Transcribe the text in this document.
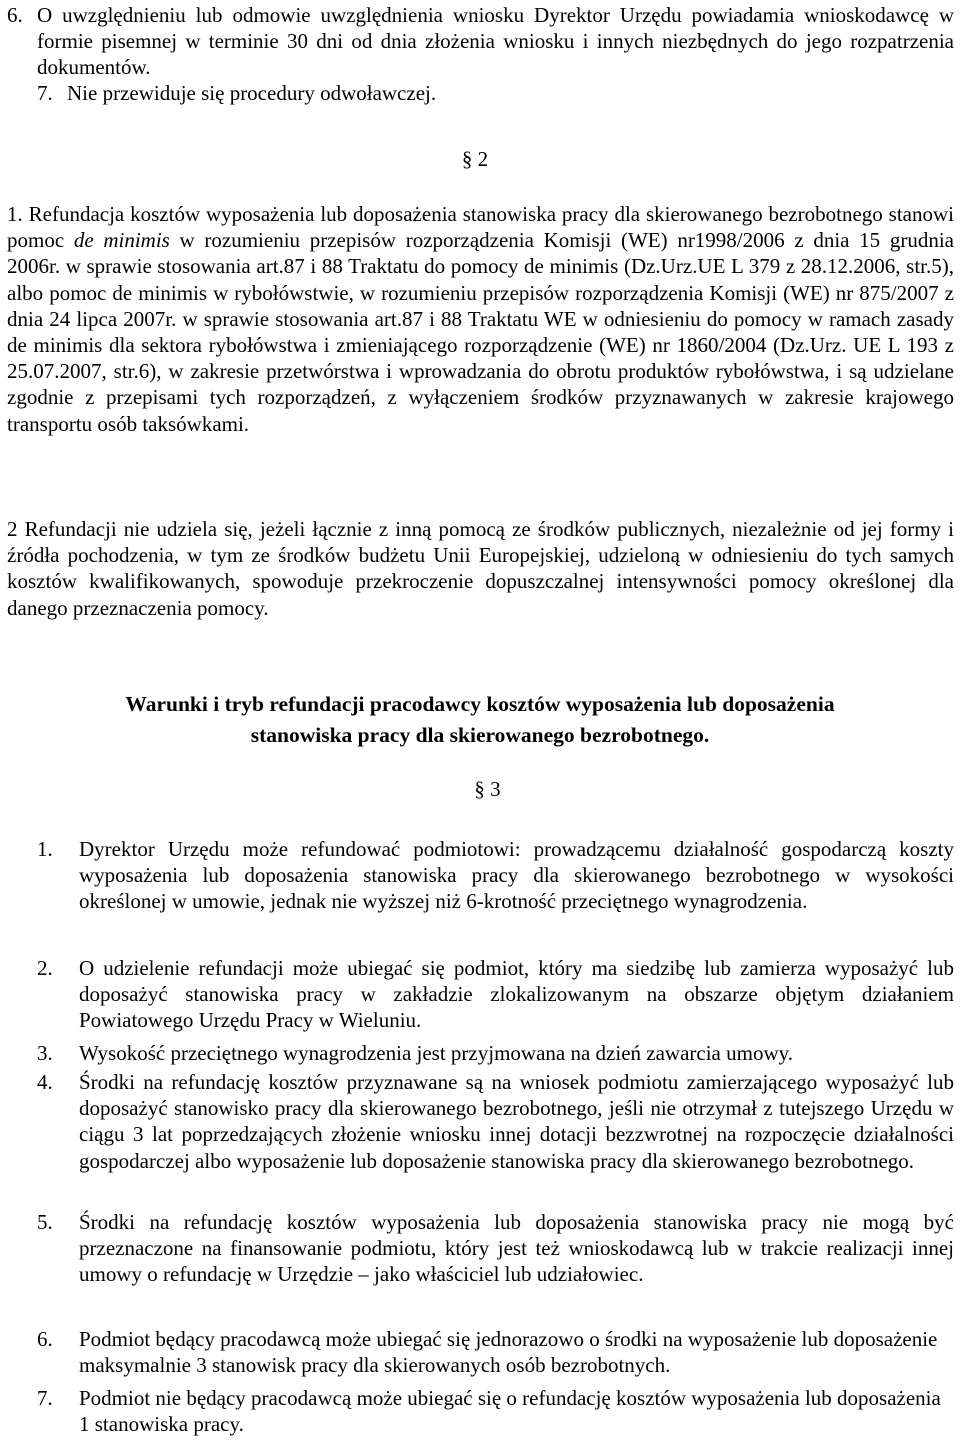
6. O uwzględnieniu lub odmowie uwzględnienia wniosku Dyrektor Urzędu powiadamia wnioskodawcę w formie pisemnej w terminie 30 dni od dnia złożenia wniosku i innych niezbędnych do jego rozpatrzenia dokumentów.

7. Nie przewiduje się procedury odwoławczej.

§ 2

1. Refundacja kosztów wyposażenia lub doposażenia stanowiska pracy dla skierowanego bezrobotnego stanowi pomoc de minimis w rozumieniu przepisów rozporządzenia Komisji (WE) nr1998/2006 z dnia 15 grudnia 2006r. w sprawie stosowania art.87 i 88 Traktatu do pomocy de minimis (Dz.Urz.UE L 379 z 28.12.2006, str.5), albo pomoc de minimis w rybołówstwie, w rozumieniu przepisów rozporządzenia Komisji (WE) nr 875/2007 z dnia 24 lipca 2007r. w sprawie stosowania art.87 i 88 Traktatu WE w odniesieniu do pomocy w ramach zasady de minimis dla sektora rybołówstwa i zmieniającego rozporządzenie (WE) nr 1860/2004 (Dz.Urz. UE L 193 z 25.07.2007, str.6), w zakresie przetwórstwa i wprowadzania do obrotu produktów rybołówstwa, i są udzielane zgodnie z przepisami tych rozporządzeń, z wyłączeniem środków przyznawanych w zakresie krajowego transportu osób taksówkami.

2 Refundacji nie udziela się, jeżeli łącznie z inną pomocą ze środków publicznych, niezależnie od jej formy i źródła pochodzenia, w tym ze środków budżetu Unii Europejskiej, udzieloną w odniesieniu do tych samych kosztów kwalifikowanych, spowoduje przekroczenie dopuszczalnej intensywności pomocy określonej dla danego przeznaczenia pomocy.

Warunki i tryb refundacji pracodawcy kosztów wyposażenia lub doposażenia
stanowiska pracy dla skierowanego bezrobotnego.
§ 3
1. Dyrektor Urzędu może refundować podmiotowi: prowadzącemu działalność gospodarczą koszty wyposażenia lub doposażenia stanowiska pracy dla skierowanego bezrobotnego w wysokości określonej w umowie, jednak nie wyższej niż 6-krotność przeciętnego wynagrodzenia.

2. O udzielenie refundacji może ubiegać się podmiot, który ma siedzibę lub zamierza wyposażyć lub doposażyć stanowiska pracy w zakładzie zlokalizowanym na obszarze objętym działaniem Powiatowego Urzędu Pracy w Wieluniu.

3. Wysokość przeciętnego wynagrodzenia jest przyjmowana na dzień zawarcia umowy.

4. Środki na refundację kosztów przyznawane są na wniosek podmiotu zamierzającego wyposażyć lub doposażyć stanowisko pracy dla skierowanego bezrobotnego, jeśli nie otrzymał z tutejszego Urzędu w ciągu 3 lat poprzedzających złożenie wniosku innej dotacji bezzwrotnej na rozpoczęcie działalności gospodarczej albo wyposażenie lub doposażenie stanowiska pracy dla skierowanego bezrobotnego.

5. Środki na refundację kosztów wyposażenia lub doposażenia stanowiska pracy nie mogą być przeznaczone na finansowanie podmiotu, który jest też wnioskodawcą lub w trakcie realizacji innej umowy o refundację w Urzędzie – jako właściciel lub udziałowiec.

6. Podmiot będący pracodawcą może ubiegać się jednorazowo o środki na wyposażenie lub doposażenie maksymalnie 3 stanowisk pracy dla skierowanych osób bezrobotnych.

7. Podmiot nie będący pracodawcą może ubiegać się o refundację kosztów wyposażenia lub doposażenia 1 stanowiska pracy.
